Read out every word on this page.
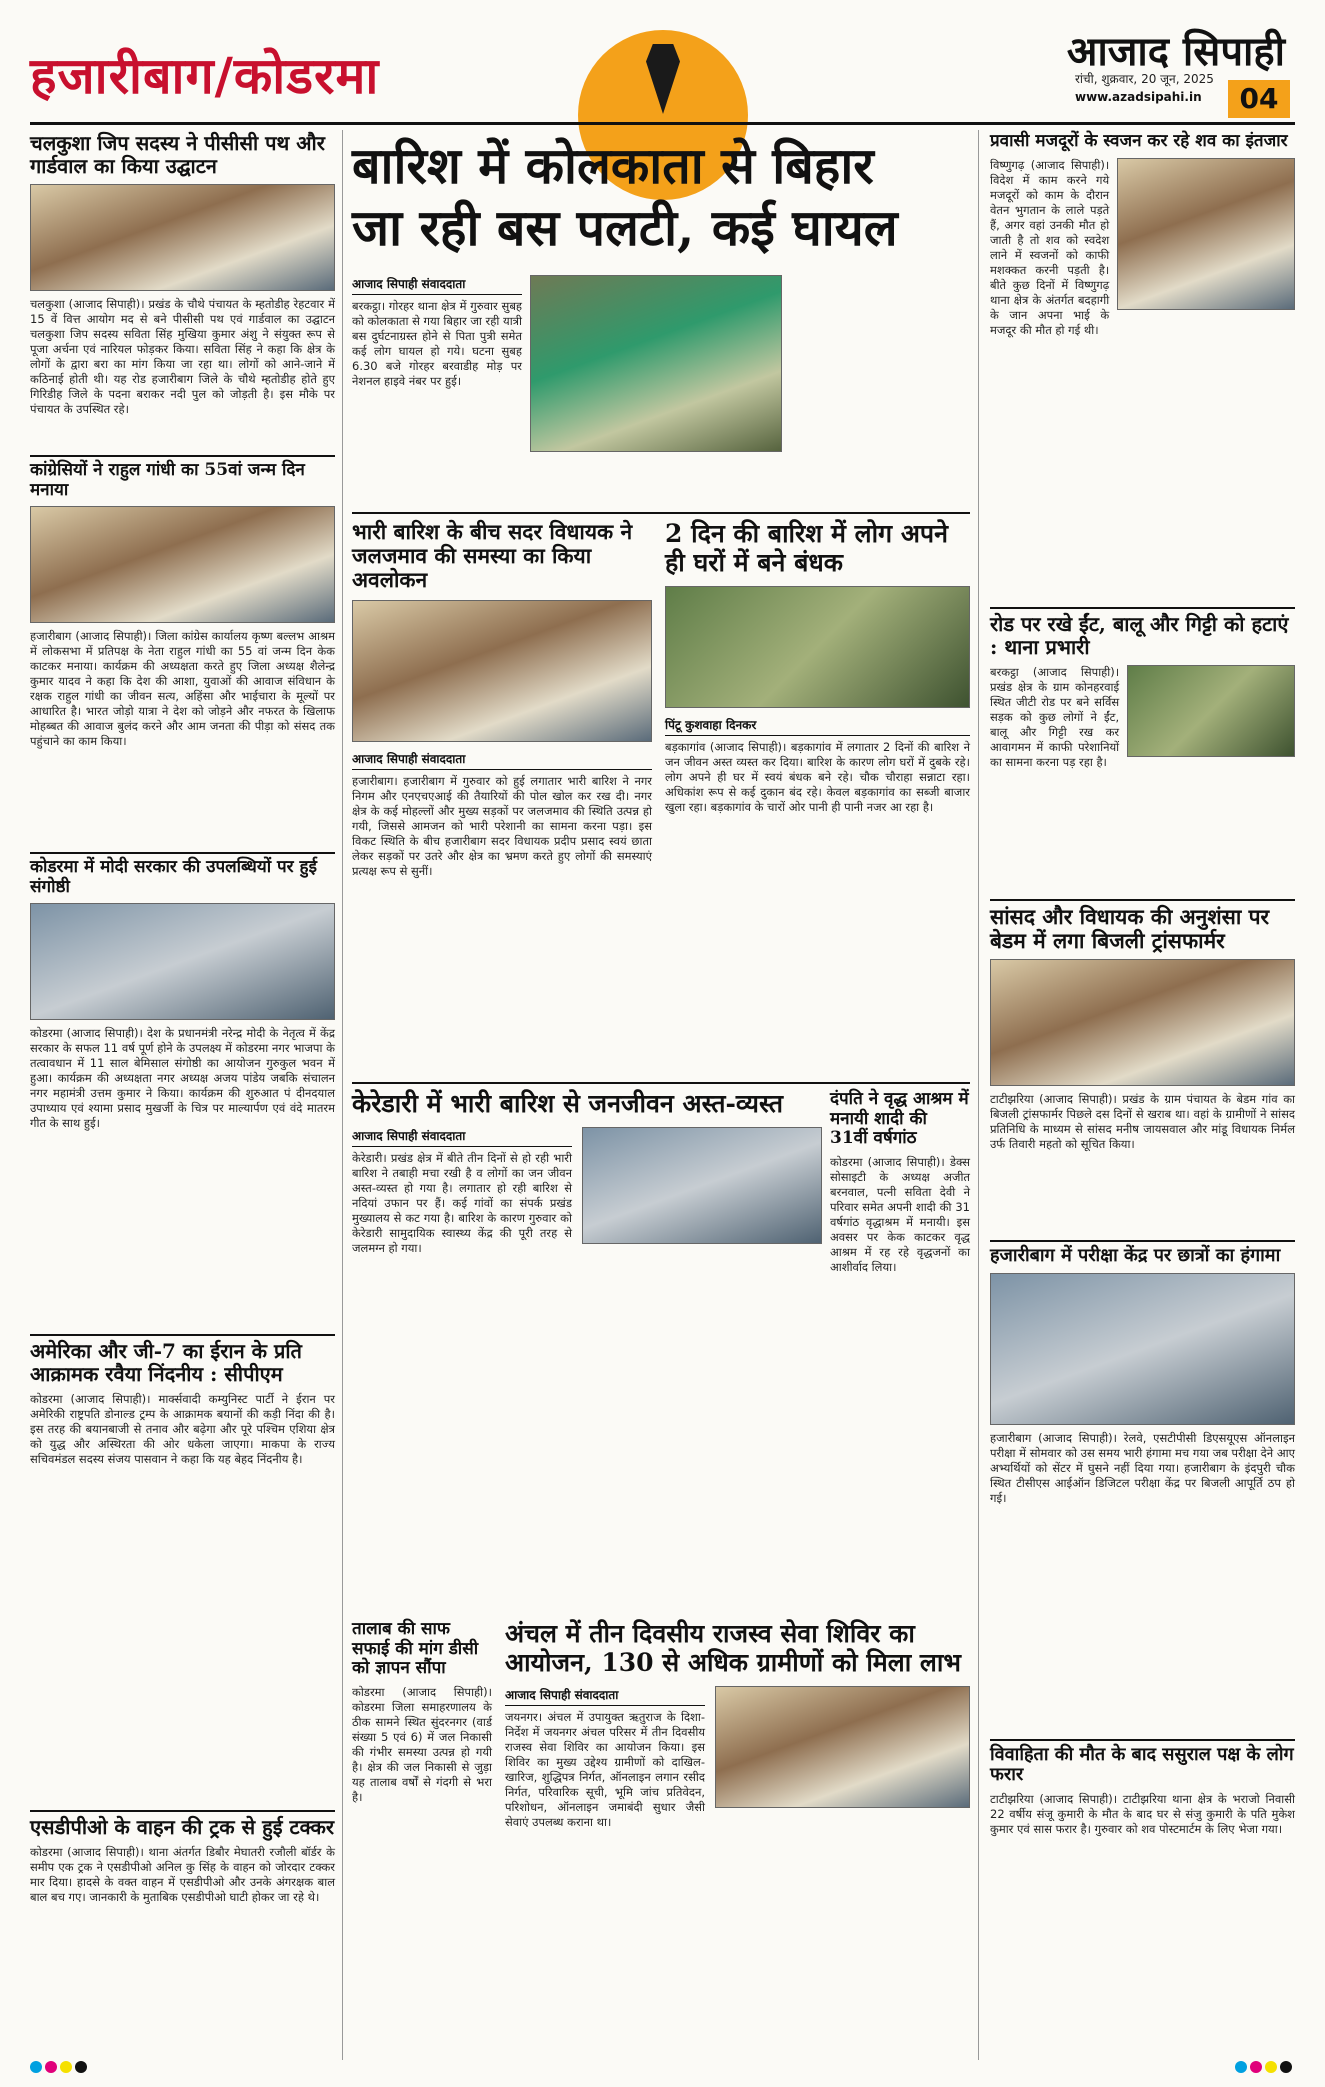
हजारीबाग/कोडरमा	आजाद सिपाही
रांची, शुक्रवार, 20 जून, 2025
www.azadsipahi.in	04
चलकुशा जिप सदस्य ने पीसीसी पथ और गार्डवाल का किया उद्घाटन
चलकुशा (आजाद सिपाही)। प्रखंड के चौथे पंचायत के म्हतोडीह रेहटवार में 15 वें वित्त आयोग मद से बने पीसीसी पथ एवं गार्डवाल का उद्घाटन चलकुशा जिप सदस्य सविता सिंह मुखिया कुमार अंशु ने संयुक्त रूप से पूजा अर्चना एवं नारियल फोड़कर किया। सविता सिंह ने कहा कि क्षेत्र के लोगों के द्वारा बरा का मांग किया जा रहा था। लोगों को आने-जाने में कठिनाई होती थी। यह रोड हजारीबाग जिले के चौथे म्हतोडीह होते हुए गिरिडीह जिले के पदना बराकर नदी पुल को जोड़ती है। इस मौके पर पंचायत के उपस्थित रहे।
कांग्रेसियों ने राहुल गांधी का 55वां जन्म दिन मनाया
हजारीबाग (आजाद सिपाही)। जिला कांग्रेस कार्यालय कृष्ण बल्लभ आश्रम में लोकसभा में प्रतिपक्ष के नेता राहुल गांधी का 55 वां जन्म दिन केक काटकर मनाया। कार्यक्रम की अध्यक्षता करते हुए जिला अध्यक्ष शैलेन्द्र कुमार यादव ने कहा कि देश की आशा, युवाओं की आवाज संविधान के रक्षक राहुल गांधी का जीवन सत्य, अहिंसा और भाईचारा के मूल्यों पर आधारित है। भारत जोड़ो यात्रा ने देश को जोड़ने और नफरत के खिलाफ मोहब्बत की आवाज बुलंद करने और आम जनता की पीड़ा को संसद तक पहुंचाने का काम किया।
कोडरमा में मोदी सरकार की उपलब्धियों पर हुई संगोष्ठी
कोडरमा (आजाद सिपाही)। देश के प्रधानमंत्री नरेन्द्र मोदी के नेतृत्व में केंद्र सरकार के सफल 11 वर्ष पूर्ण होने के उपलक्ष्य में कोडरमा नगर भाजपा के तत्वावधान में 11 साल बेमिसाल संगोष्ठी का आयोजन गुरुकुल भवन में हुआ। कार्यक्रम की अध्यक्षता नगर अध्यक्ष अजय पांडेय जबकि संचालन नगर महामंत्री उत्तम कुमार ने किया। कार्यक्रम की शुरुआत पं दीनदयाल उपाध्याय एवं श्यामा प्रसाद मुखर्जी के चित्र पर माल्यार्पण एवं वंदे मातरम गीत के साथ हुई।
अमेरिका और जी-7 का ईरान के प्रति आक्रामक रवैया निंदनीय : सीपीएम
कोडरमा (आजाद सिपाही)। मार्क्सवादी कम्युनिस्ट पार्टी ने ईरान पर अमेरिकी राष्ट्रपति डोनाल्ड ट्रम्प के आक्रामक बयानों की कड़ी निंदा की है। इस तरह की बयानबाजी से तनाव और बढ़ेगा और पूरे पश्चिम एशिया क्षेत्र को युद्ध और अस्थिरता की ओर धकेला जाएगा। माकपा के राज्य सचिवमंडल सदस्य संजय पासवान ने कहा कि यह बेहद निंदनीय है।
एसडीपीओ के वाहन की ट्रक से हुई टक्कर
कोडरमा (आजाद सिपाही)। थाना अंतर्गत डिबौर मेघातरी रजौली बॉर्डर के समीप एक ट्रक ने एसडीपीओ अनिल कु सिंह के वाहन को जोरदार टक्कर मार दिया। हादसे के वक्त वाहन में एसडीपीओ और उनके अंगरक्षक बाल बाल बच गए। जानकारी के मुताबिक एसडीपीओ घाटी होकर जा रहे थे।
बारिश में कोलकाता से बिहार
जा रही बस पलटी, कई घायल
आजाद सिपाही संवाददाता
बरकट्ठा। गोरहर थाना क्षेत्र में गुरुवार सुबह को कोलकाता से गया बिहार जा रही यात्री बस दुर्घटनाग्रस्त होने से पिता पुत्री समेत कई लोग घायल हो गये। घटना सुबह 6.30 बजे गोरहर बरवाडीह मोड़ पर नेशनल हाइवे नंबर पर हुई।
भारी बारिश के बीच सदर विधायक ने जलजमाव की समस्या का किया अवलोकन
आजाद सिपाही संवाददाता
हजारीबाग। हजारीबाग में गुरुवार को हुई लगातार भारी बारिश ने नगर निगम और एनएचएआई की तैयारियों की पोल खोल कर रख दी। नगर क्षेत्र के कई मोहल्लों और मुख्य सड़कों पर जलजमाव की स्थिति उत्पन्न हो गयी, जिससे आमजन को भारी परेशानी का सामना करना पड़ा। इस विकट स्थिति के बीच हजारीबाग सदर विधायक प्रदीप प्रसाद स्वयं छाता लेकर सड़कों पर उतरे और क्षेत्र का भ्रमण करते हुए लोगों की समस्याएं प्रत्यक्ष रूप से सुनीं।
2 दिन की बारिश में लोग अपने ही घरों में बने बंधक
पिंटू कुशवाहा दिनकर
बड़कागांव (आजाद सिपाही)। बड़कागांव में लगातार 2 दिनों की बारिश ने जन जीवन अस्त व्यस्त कर दिया। बारिश के कारण लोग घरों में दुबके रहे। लोग अपने ही घर में स्वयं बंधक बने रहे। चौक चौराहा सन्नाटा रहा। अधिकांश रूप से कई दुकान बंद रहे। केवल बड़कागांव का सब्जी बाजार खुला रहा। बड़कागांव के चारों ओर पानी ही पानी नजर आ रहा है।
केरेडारी में भारी बारिश से जनजीवन अस्त-व्यस्त
आजाद सिपाही संवाददाता
केरेडारी। प्रखंड क्षेत्र में बीते तीन दिनों से हो रही भारी बारिश ने तबाही मचा रखी है व लोगों का जन जीवन अस्त-व्यस्त हो गया है। लगातार हो रही बारिश से नदियां उफान पर हैं। कई गांवों का संपर्क प्रखंड मुख्यालय से कट गया है। बारिश के कारण गुरुवार को केरेडारी सामुदायिक स्वास्थ्य केंद्र की पूरी तरह से जलमग्न हो गया।
दंपति ने वृद्ध आश्रम में मनायी शादी की 31वीं वर्षगांठ
कोडरमा (आजाद सिपाही)। डेक्स सोसाइटी के अध्यक्ष अजीत बरनवाल, पत्नी सविता देवी ने परिवार समेत अपनी शादी की 31 वर्षगांठ वृद्धाश्रम में मनायी। इस अवसर पर केक काटकर वृद्ध आश्रम में रह रहे वृद्धजनों का आशीर्वाद लिया।
तालाब की साफ सफाई की मांग डीसी को ज्ञापन सौंपा
कोडरमा (आजाद सिपाही)। कोडरमा जिला समाहरणालय के ठीक सामने स्थित सुंदरनगर (वार्ड संख्या 5 एवं 6) में जल निकासी की गंभीर समस्या उत्पन्न हो गयी है। क्षेत्र की जल निकासी से जुड़ा यह तालाब वर्षों से गंदगी से भरा है।
अंचल में तीन दिवसीय राजस्व सेवा शिविर का आयोजन, 130 से अधिक ग्रामीणों को मिला लाभ
आजाद सिपाही संवाददाता
जयनगर। अंचल में उपायुक्त ऋतुराज के दिशा-निर्देश में जयनगर अंचल परिसर में तीन दिवसीय राजस्व सेवा शिविर का आयोजन किया। इस शिविर का मुख्य उद्देश्य ग्रामीणों को दाखिल-खारिज, शुद्धिपत्र निर्गत, ऑनलाइन लगान रसीद निर्गत, परिवारिक सूची, भूमि जांच प्रतिवेदन, परिशोधन, ऑनलाइन जमाबंदी सुधार जैसी सेवाएं उपलब्ध कराना था।
प्रवासी मजदूरों के स्वजन कर रहे शव का इंतजार
विष्णुगढ़ (आजाद सिपाही)। विदेश में काम करने गये मजदूरों को काम के दौरान वेतन भुगतान के लाले पड़ते हैं, अगर वहां उनकी मौत हो जाती है तो शव को स्वदेश लाने में स्वजनों को काफी मशक्कत करनी पड़ती है। बीते कुछ दिनों में विष्णुगढ़ थाना क्षेत्र के अंतर्गत बदहागी के जान अपना भाई के मजदूर की मौत हो गई थी।
रोड पर रखे ईंट, बालू और गिट्टी को हटाएं : थाना प्रभारी
बरकट्ठा (आजाद सिपाही)। प्रखंड क्षेत्र के ग्राम कोनहरवाई स्थित जीटी रोड पर बने सर्विस सड़क को कुछ लोगों ने ईंट, बालू और गिट्टी रख कर आवागमन में काफी परेशानियों का सामना करना पड़ रहा है।
सांसद और विधायक की अनुशंसा पर बेडम में लगा बिजली ट्रांसफार्मर
टाटीझरिया (आजाद सिपाही)। प्रखंड के ग्राम पंचायत के बेडम गांव का बिजली ट्रांसफार्मर पिछले दस दिनों से खराब था। वहां के ग्रामीणों ने सांसद प्रतिनिधि के माध्यम से सांसद मनीष जायसवाल और मांडू विधायक निर्मल उर्फ तिवारी महतो को सूचित किया।
हजारीबाग में परीक्षा केंद्र पर छात्रों का हंगामा
हजारीबाग (आजाद सिपाही)। रेलवे, एसटीपीसी डिएसयूएस ऑनलाइन परीक्षा में सोमवार को उस समय भारी हंगामा मच गया जब परीक्षा देने आए अभ्यर्थियों को सेंटर में घुसने नहीं दिया गया। हजारीबाग के इंदपुरी चौक स्थित टीसीएस आईऑन डिजिटल परीक्षा केंद्र पर बिजली आपूर्ति ठप हो गई।
विवाहिता की मौत के बाद ससुराल पक्ष के लोग फरार
टाटीझरिया (आजाद सिपाही)। टाटीझरिया थाना क्षेत्र के भराजो निवासी 22 वर्षीय संजू कुमारी के मौत के बाद घर से संजु कुमारी के पति मुकेश कुमार एवं सास फरार है। गुरुवार को शव पोस्टमार्टम के लिए भेजा गया।
